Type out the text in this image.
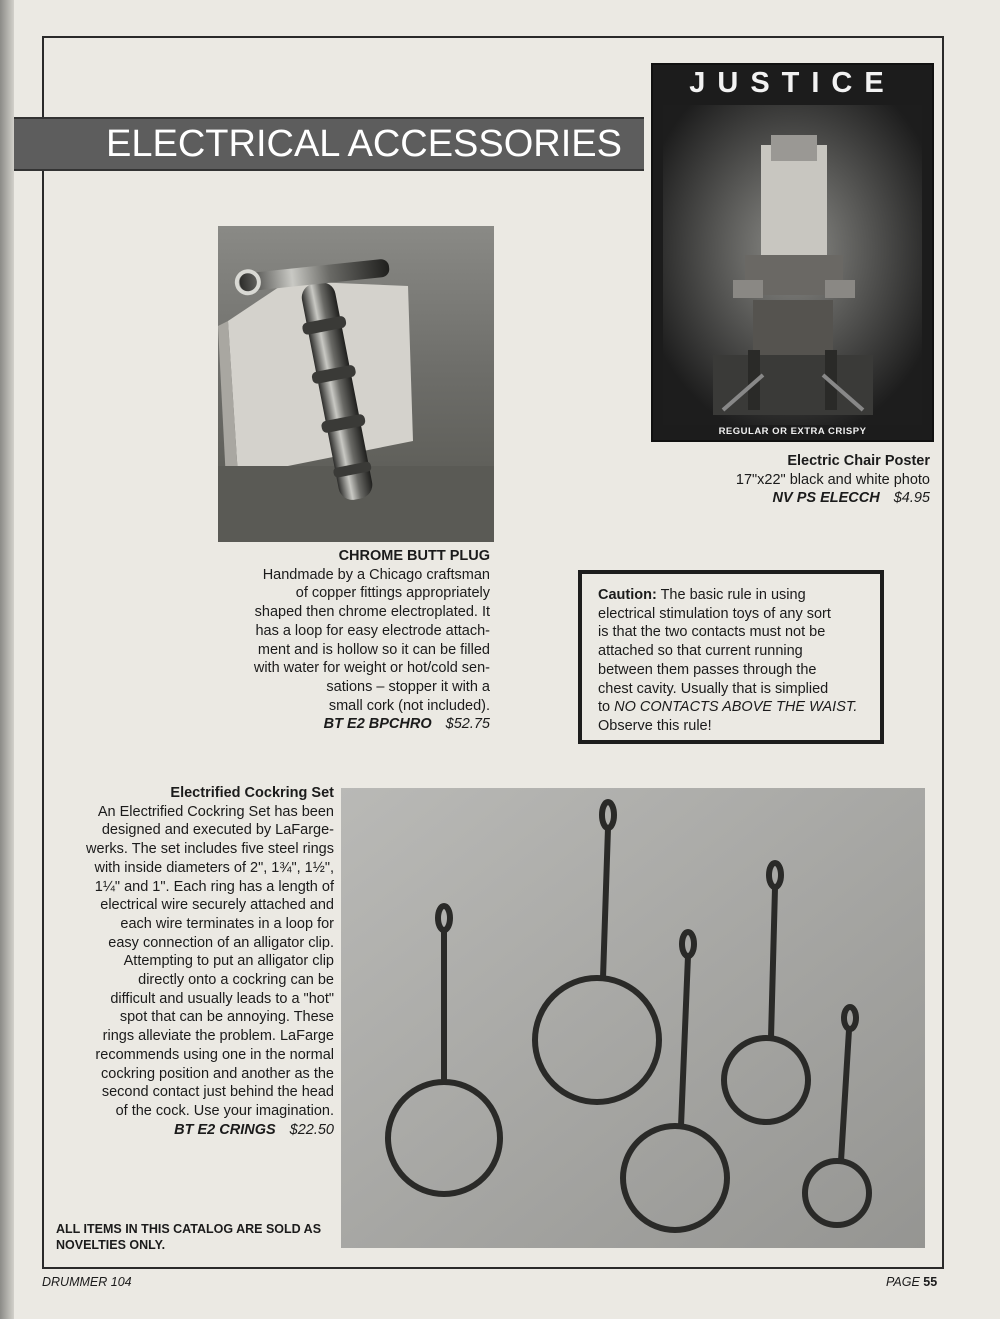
ELECTRICAL ACCESSORIES
JUSTICE
REGULAR OR EXTRA CRISPY
Electric Chair Poster
17"x22" black and white photo
NV PS ELECCH $4.95
CHROME BUTT PLUG
Handmade by a Chicago craftsman
of copper fittings appropriately
shaped then chrome electroplated. It
has a loop for easy electrode attach-
ment and is hollow so it can be filled
with water for weight or hot/cold sen-
sations – stopper it with a
small cork (not included).
BT E2 BPCHRO $52.75
Caution: The basic rule in using
electrical stimulation toys of any sort
is that the two contacts must not be
attached so that current running
between them passes through the
chest cavity. Usually that is simplied
to NO CONTACTS ABOVE THE WAIST.
Observe this rule!
Electrified Cockring Set
An Electrified Cockring Set has been
designed and executed by LaFarge-
werks. The set includes five steel rings
with inside diameters of 2", 1¾", 1½",
1¼" and 1". Each ring has a length of
electrical wire securely attached and
each wire terminates in a loop for
easy connection of an alligator clip.
Attempting to put an alligator clip
directly onto a cockring can be
difficult and usually leads to a "hot"
spot that can be annoying. These
rings alleviate the problem. LaFarge
recommends using one in the normal
cockring position and another as the
second contact just behind the head
of the cock. Use your imagination.
BT E2 CRINGS $22.50
ALL ITEMS IN THIS CATALOG ARE SOLD AS
NOVELTIES ONLY.
DRUMMER 104	PAGE 55
